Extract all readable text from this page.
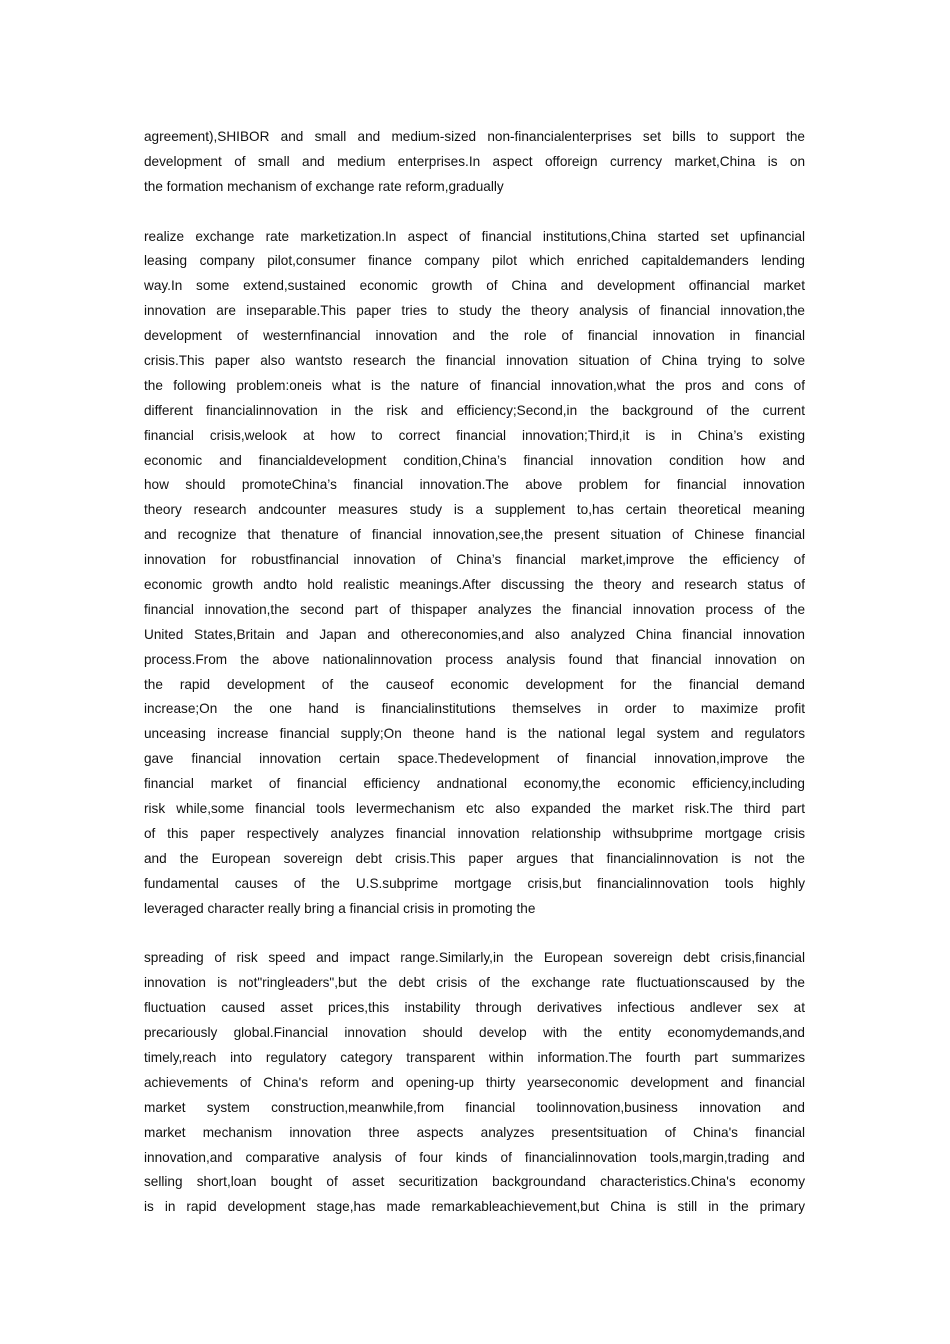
agreement),SHIBOR and small and medium-sized non-financialenterprises set bills to support the
development of small and medium enterprises.In aspect offoreign currency market,China is on
the formation mechanism of exchange rate reform,gradually
realize exchange rate marketization.In aspect of financial institutions,China started set upfinancial
leasing company pilot,consumer finance company pilot which enriched capitaldemanders lending
way.In some extend,sustained economic growth of China and development offinancial market
innovation are inseparable.This paper tries to study the theory analysis of financial innovation,the
development of westernfinancial innovation and the role of financial innovation in financial
crisis.This paper also wantsto research the financial innovation situation of China trying to solve
the following problem:oneis what is the nature of financial innovation,what the pros and cons of
different financialinnovation in the risk and efficiency;Second,in the background of the current
financial crisis,welook at how to correct financial innovation;Third,it is in China’s existing
economic and financialdevelopment condition,China’s financial innovation condition how and
how should promoteChina’s financial innovation.The above problem for financial innovation
theory research andcounter measures study is a supplement to,has certain theoretical meaning
and recognize that thenature of financial innovation,see,the present situation of Chinese financial
innovation for robustfinancial innovation of China’s financial market,improve the efficiency of
economic growth andto hold realistic meanings.After discussing the theory and research status of
financial innovation,the second part of thispaper analyzes the financial innovation process of the
United States,Britain and Japan and othereconomies,and also analyzed China financial innovation
process.From the above nationalinnovation process analysis found that financial innovation on
the rapid development of the causeof economic development for the financial demand
increase;On the one hand is financialinstitutions themselves in order to maximize profit
unceasing increase financial supply;On theone hand is the national legal system and regulators
gave financial innovation certain space.Thedevelopment of financial innovation,improve the
financial market of financial efficiency andnational economy,the economic efficiency,including
risk while,some financial tools levermechanism etc also expanded the market risk.The third part
of this paper respectively analyzes financial innovation relationship withsubprime mortgage crisis
and the European sovereign debt crisis.This paper argues that financialinnovation is not the
fundamental causes of the U.S.subprime mortgage crisis,but financialinnovation tools highly
leveraged character really bring a financial crisis in promoting the
spreading of risk speed and impact range.Similarly,in the European sovereign debt crisis,financial
innovation is not"ringleaders",but the debt crisis of the exchange rate fluctuationscaused by the
fluctuation caused asset prices,this instability through derivatives infectious andlever sex at
precariously global.Financial innovation should develop with the entity economydemands,and
timely,reach into regulatory category transparent within information.The fourth part summarizes
achievements of China's reform and opening-up thirty yearseconomic development and financial
market system construction,meanwhile,from financial toolinnovation,business innovation and
market mechanism innovation three aspects analyzes presentsituation of China's financial
innovation,and comparative analysis of four kinds of financialinnovation tools,margin,trading and
selling short,loan bought of asset securitization backgroundand characteristics.China's economy
is in rapid development stage,has made remarkableachievement,but China is still in the primary
